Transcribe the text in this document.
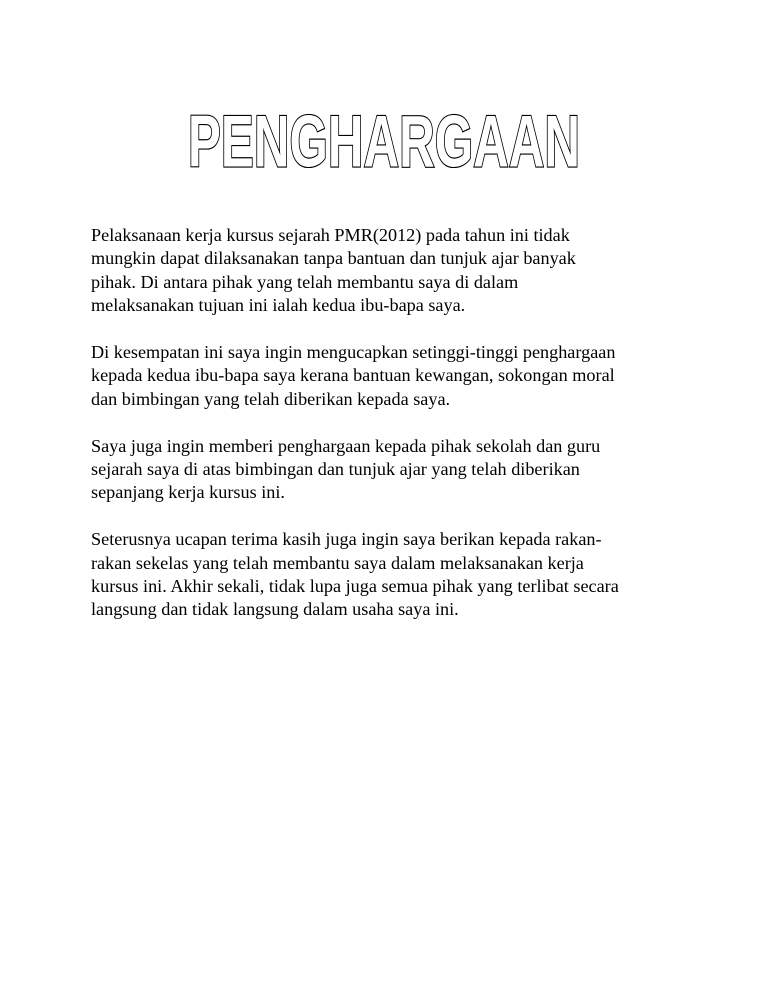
PENGHARGAAN

Pelaksanaan kerja kursus sejarah PMR(2012) pada tahun ini tidak
mungkin dapat dilaksanakan tanpa bantuan dan tunjuk ajar banyak
pihak. Di antara pihak yang telah membantu saya di dalam
melaksanakan tujuan ini ialah kedua ibu-bapa saya.

Di kesempatan ini saya ingin mengucapkan setinggi-tinggi penghargaan
kepada kedua ibu-bapa saya kerana bantuan kewangan, sokongan moral
dan bimbingan yang telah diberikan kepada saya.

Saya juga ingin memberi penghargaan kepada pihak sekolah dan guru
sejarah saya di atas bimbingan dan tunjuk ajar yang telah diberikan
sepanjang kerja kursus ini.

Seterusnya ucapan terima kasih juga ingin saya berikan kepada rakan-
rakan sekelas yang telah membantu saya dalam melaksanakan kerja
kursus ini. Akhir sekali, tidak lupa juga semua pihak yang terlibat secara
langsung dan tidak langsung dalam usaha saya ini.
